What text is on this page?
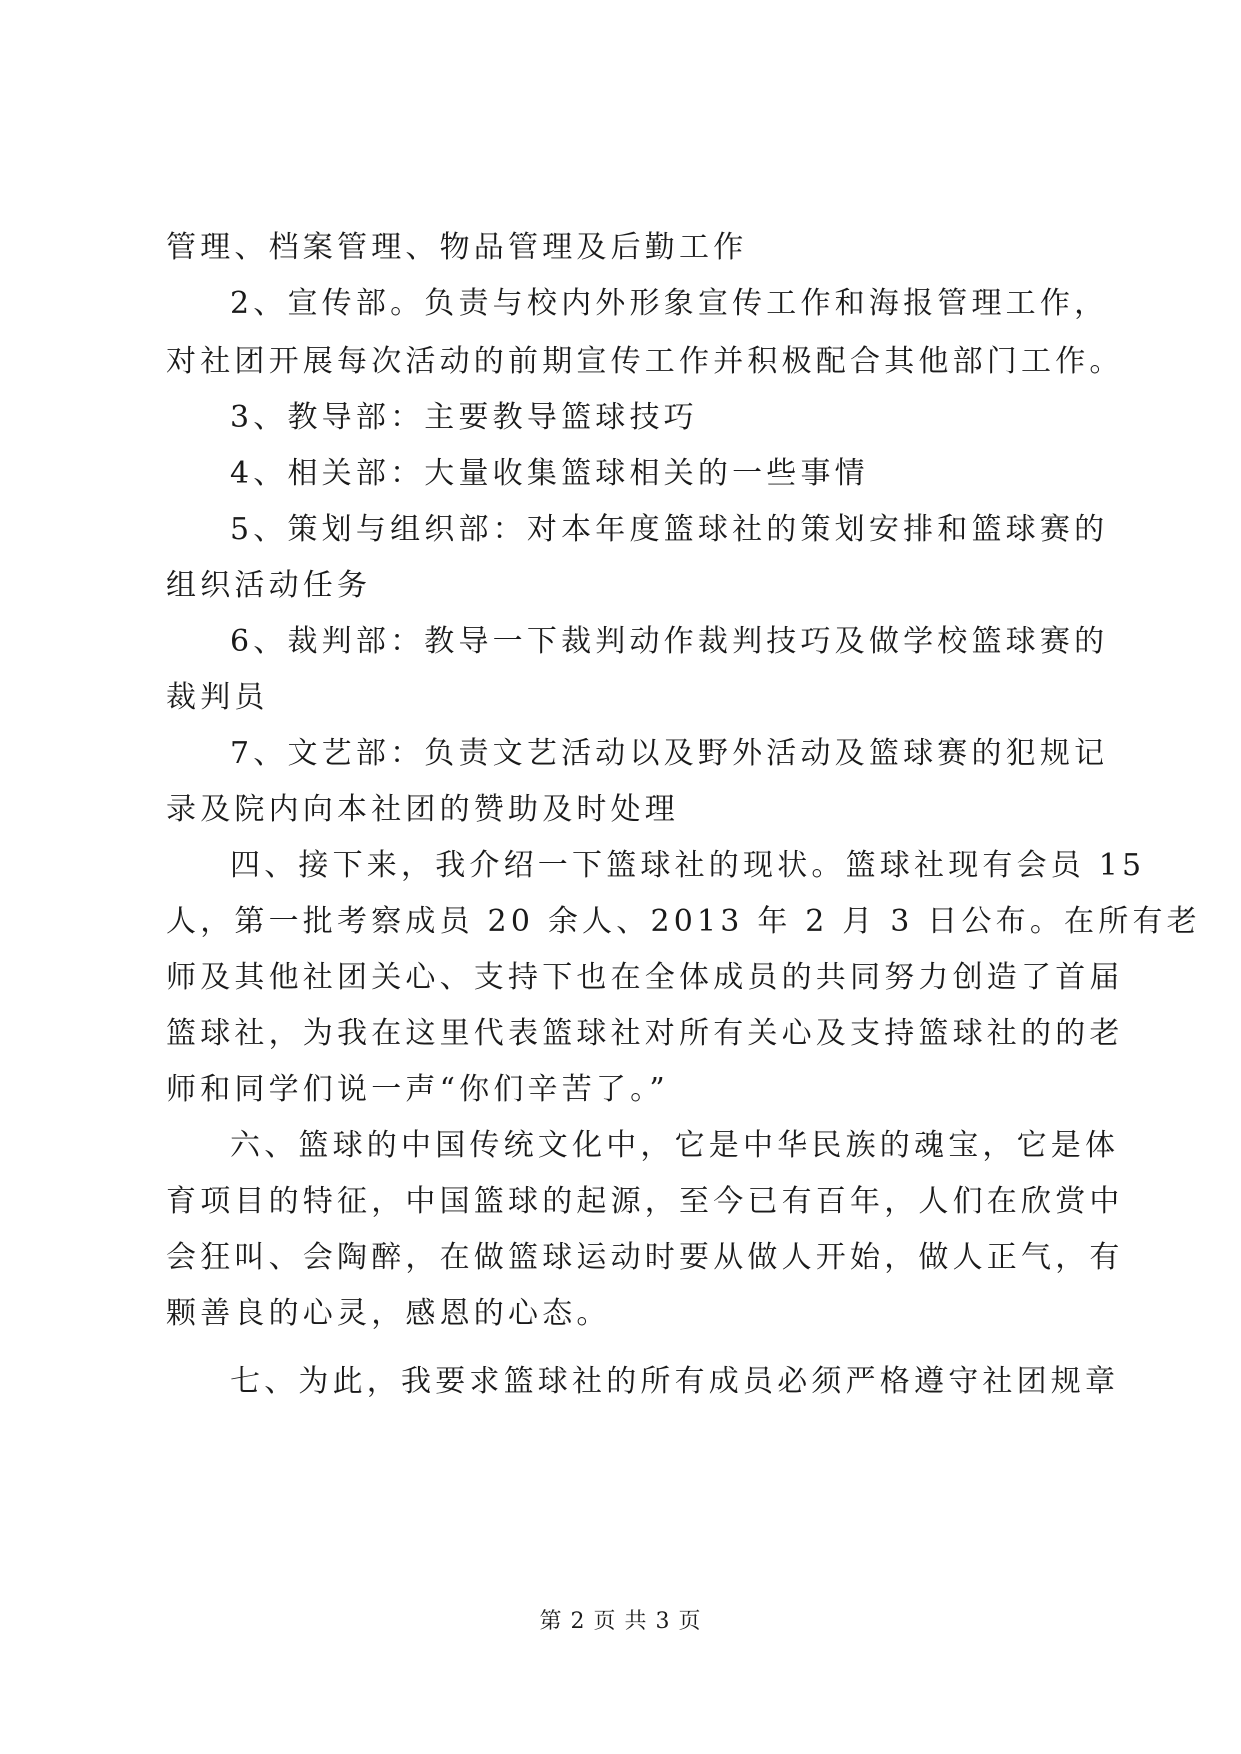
管理、档案管理、物品管理及后勤工作
2、宣传部。负责与校内外形象宣传工作和海报管理工作，
对社团开展每次活动的前期宣传工作并积极配合其他部门工作。
3、教导部：主要教导篮球技巧
4、相关部：大量收集篮球相关的一些事情
5、策划与组织部：对本年度篮球社的策划安排和篮球赛的
组织活动任务
6、裁判部：教导一下裁判动作裁判技巧及做学校篮球赛的
裁判员
7、文艺部：负责文艺活动以及野外活动及篮球赛的犯规记
录及院内向本社团的赞助及时处理
四、接下来，我介绍一下篮球社的现状。篮球社现有会员 15
人，第一批考察成员 20 余人、2013 年 2 月 3 日公布。在所有老
师及其他社团关心、支持下也在全体成员的共同努力创造了首届
篮球社，为我在这里代表篮球社对所有关心及支持篮球社的的老
师和同学们说一声“你们辛苦了。”
六、篮球的中国传统文化中，它是中华民族的魂宝，它是体
育项目的特征，中国篮球的起源，至今已有百年，人们在欣赏中
会狂叫、会陶醉，在做篮球运动时要从做人开始，做人正气，有
颗善良的心灵，感恩的心态。
七、为此，我要求篮球社的所有成员必须严格遵守社团规章
第 2 页 共 3 页
